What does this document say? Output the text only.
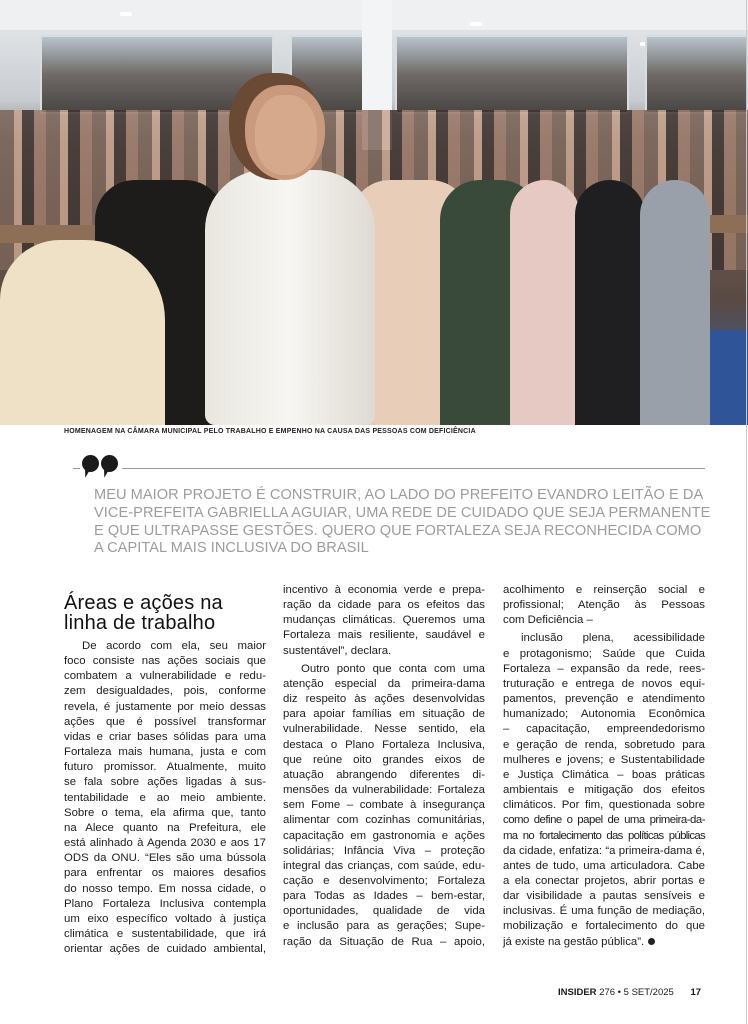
HOMENAGEM NA CÂMARA MUNICIPAL PELO TRABALHO E EMPENHO NA CAUSA DAS PESSOAS COM DEFICIÊNCIA
MEU MAIOR PROJETO É CONSTRUIR, AO LADO DO PREFEITO EVANDRO LEITÃO E DA
VICE-PREFEITA GABRIELLA AGUIAR, UMA REDE DE CUIDADO QUE SEJA PERMANENTE
E QUE ULTRAPASSE GESTÕES. QUERO QUE FORTALEZA SEJA RECONHECIDA COMO
A CAPITAL MAIS INCLUSIVA DO BRASIL
Áreas e ações na
linha de trabalho

De acordo com ela, seu maior
foco consiste nas ações sociais que
combatem a vulnerabilidade e redu-
zem desigualdades, pois, conforme
revela, é justamente por meio dessas
ações que é possível transformar
vidas e criar bases sólidas para uma
Fortaleza mais humana, justa e com
futuro promissor. Atualmente, muito
se fala sobre ações ligadas à sus-
tentabilidade e ao meio ambiente.
Sobre o tema, ela afirma que, tanto
na Alece quanto na Prefeitura, ele
está alinhado à Agenda 2030 e aos 17
ODS da ONU. “Eles são uma bússola
para enfrentar os maiores desafios
do nosso tempo. Em nossa cidade, o
Plano Fortaleza Inclusiva contempla
um eixo específico voltado à justiça
climática e sustentabilidade, que irá
orientar ações de cuidado ambiental,

incentivo à economia verde e prepa-
ração da cidade para os efeitos das
mudanças climáticas. Queremos uma
Fortaleza mais resiliente, saudável e
sustentável”, declara.

Outro ponto que conta com uma
atenção especial da primeira-dama
diz respeito às ações desenvolvidas
para apoiar famílias em situação de
vulnerabilidade. Nesse sentido, ela
destaca o Plano Fortaleza Inclusiva,
que reúne oito grandes eixos de
atuação abrangendo diferentes di-
mensões da vulnerabilidade: Fortaleza
sem Fome – combate à insegurança
alimentar com cozinhas comunitárias,
capacitação em gastronomia e ações
solidárias; Infância Viva – proteção
integral das crianças, com saúde, edu-
cação e desenvolvimento; Fortaleza
para Todas as Idades – bem-estar,
oportunidades, qualidade de vida
e inclusão para as gerações; Supe-
ração da Situação de Rua – apoio,

acolhimento e reinserção social e
profissional; Atenção às Pessoas
com Deficiência –

inclusão plena, acessibilidade
e protagonismo; Saúde que Cuida
Fortaleza – expansão da rede, rees-
truturação e entrega de novos equi-
pamentos, prevenção e atendimento
humanizado; Autonomia Econômica
– capacitação, empreendedorismo
e geração de renda, sobretudo para
mulheres e jovens; e Sustentabilidade
e Justiça Climática – boas práticas
ambientais e mitigação dos efeitos
climáticos. Por fim, questionada sobre
como define o papel de uma primeira-da-
ma no fortalecimento das políticas públicas
da cidade, enfatiza: “a primeira-dama é,
antes de tudo, uma articuladora. Cabe
a ela conectar projetos, abrir portas e
dar visibilidade a pautas sensíveis e
inclusivas. É uma função de mediação,
mobilização e fortalecimento do que
já existe na gestão pública”.

INSIDER 276 • 5 SET/2025 17
